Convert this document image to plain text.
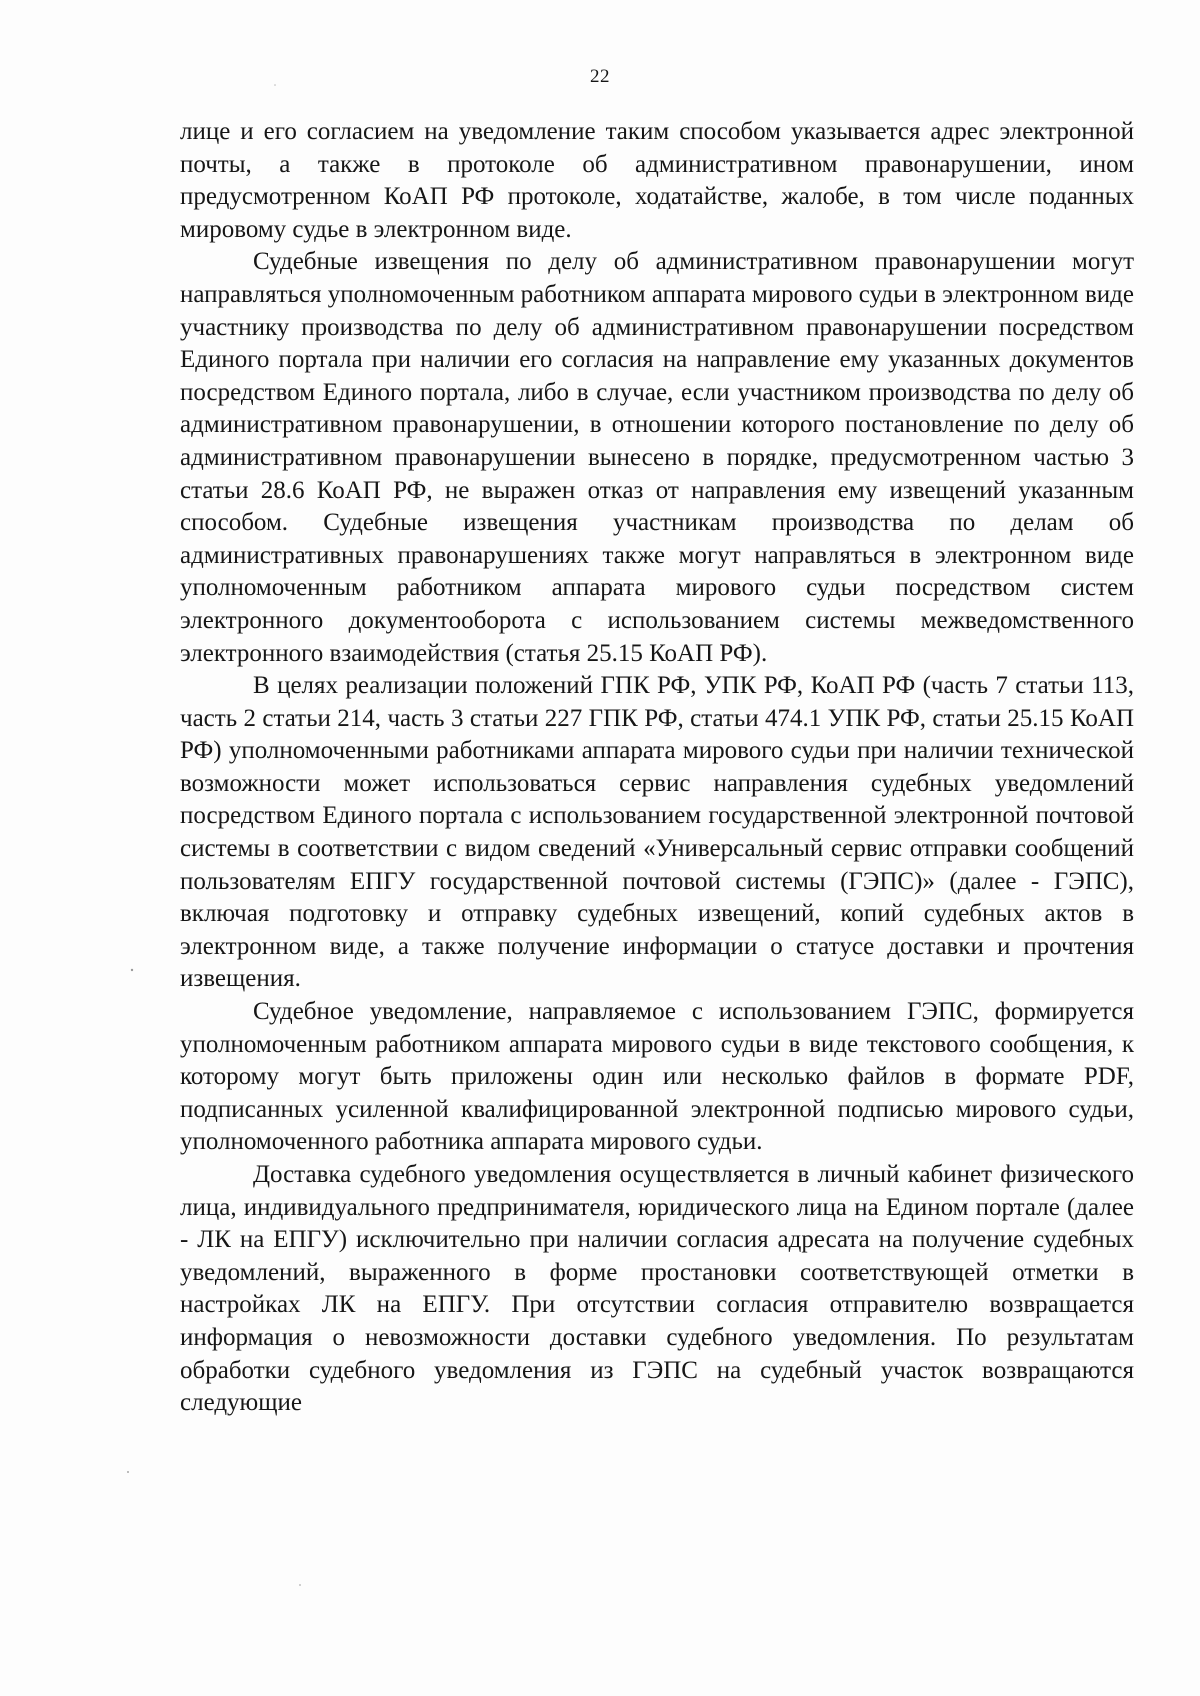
22

лице и его согласием на уведомление таким способом указывается адрес электронной почты, а также в протоколе об административном правонарушении, ином предусмотренном КоАП РФ протоколе, ходатайстве, жалобе, в том числе поданных мировому судье в электронном виде.

Судебные извещения по делу об административном правонарушении могут направляться уполномоченным работником аппарата мирового судьи в электронном виде участнику производства по делу об административном правонарушении посредством Единого портала при наличии его согласия на направление ему указанных документов посредством Единого портала, либо в случае, если участником производства по делу об административном правонарушении, в отношении которого постановление по делу об административном правонарушении вынесено в порядке, предусмотренном частью 3 статьи 28.6 КоАП РФ, не выражен отказ от направления ему извещений указанным способом. Судебные извещения участникам производства по делам об административных правонарушениях также могут направляться в электронном виде уполномоченным работником аппарата мирового судьи посредством систем электронного документооборота с использованием системы межведомственного электронного взаимодействия (статья 25.15 КоАП РФ).

В целях реализации положений ГПК РФ, УПК РФ, КоАП РФ (часть 7 статьи 113, часть 2 статьи 214, часть 3 статьи 227 ГПК РФ, статьи 474.1 УПК РФ, статьи 25.15 КоАП РФ) уполномоченными работниками аппарата мирового судьи при наличии технической возможности может использоваться сервис направления судебных уведомлений посредством Единого портала с использованием государственной электронной почтовой системы в соответствии с видом сведений «Универсальный сервис отправки сообщений пользователям ЕПГУ государственной почтовой системы (ГЭПС)» (далее - ГЭПС), включая подготовку и отправку судебных извещений, копий судебных актов в электронном виде, а также получение информации о статусе доставки и прочтения извещения.

Судебное уведомление, направляемое с использованием ГЭПС, формируется уполномоченным работником аппарата мирового судьи в виде текстового сообщения, к которому могут быть приложены один или несколько файлов в формате PDF, подписанных усиленной квалифицированной электронной подписью мирового судьи, уполномоченного работника аппарата мирового судьи.

Доставка судебного уведомления осуществляется в личный кабинет физического лица, индивидуального предпринимателя, юридического лица на Едином портале (далее - ЛК на ЕПГУ) исключительно при наличии согласия адресата на получение судебных уведомлений, выраженного в форме простановки соответствующей отметки в настройках ЛК на ЕПГУ. При отсутствии согласия отправителю возвращается информация о невозможности доставки судебного уведомления. По результатам обработки судебного уведомления из ГЭПС на судебный участок возвращаются следующие
